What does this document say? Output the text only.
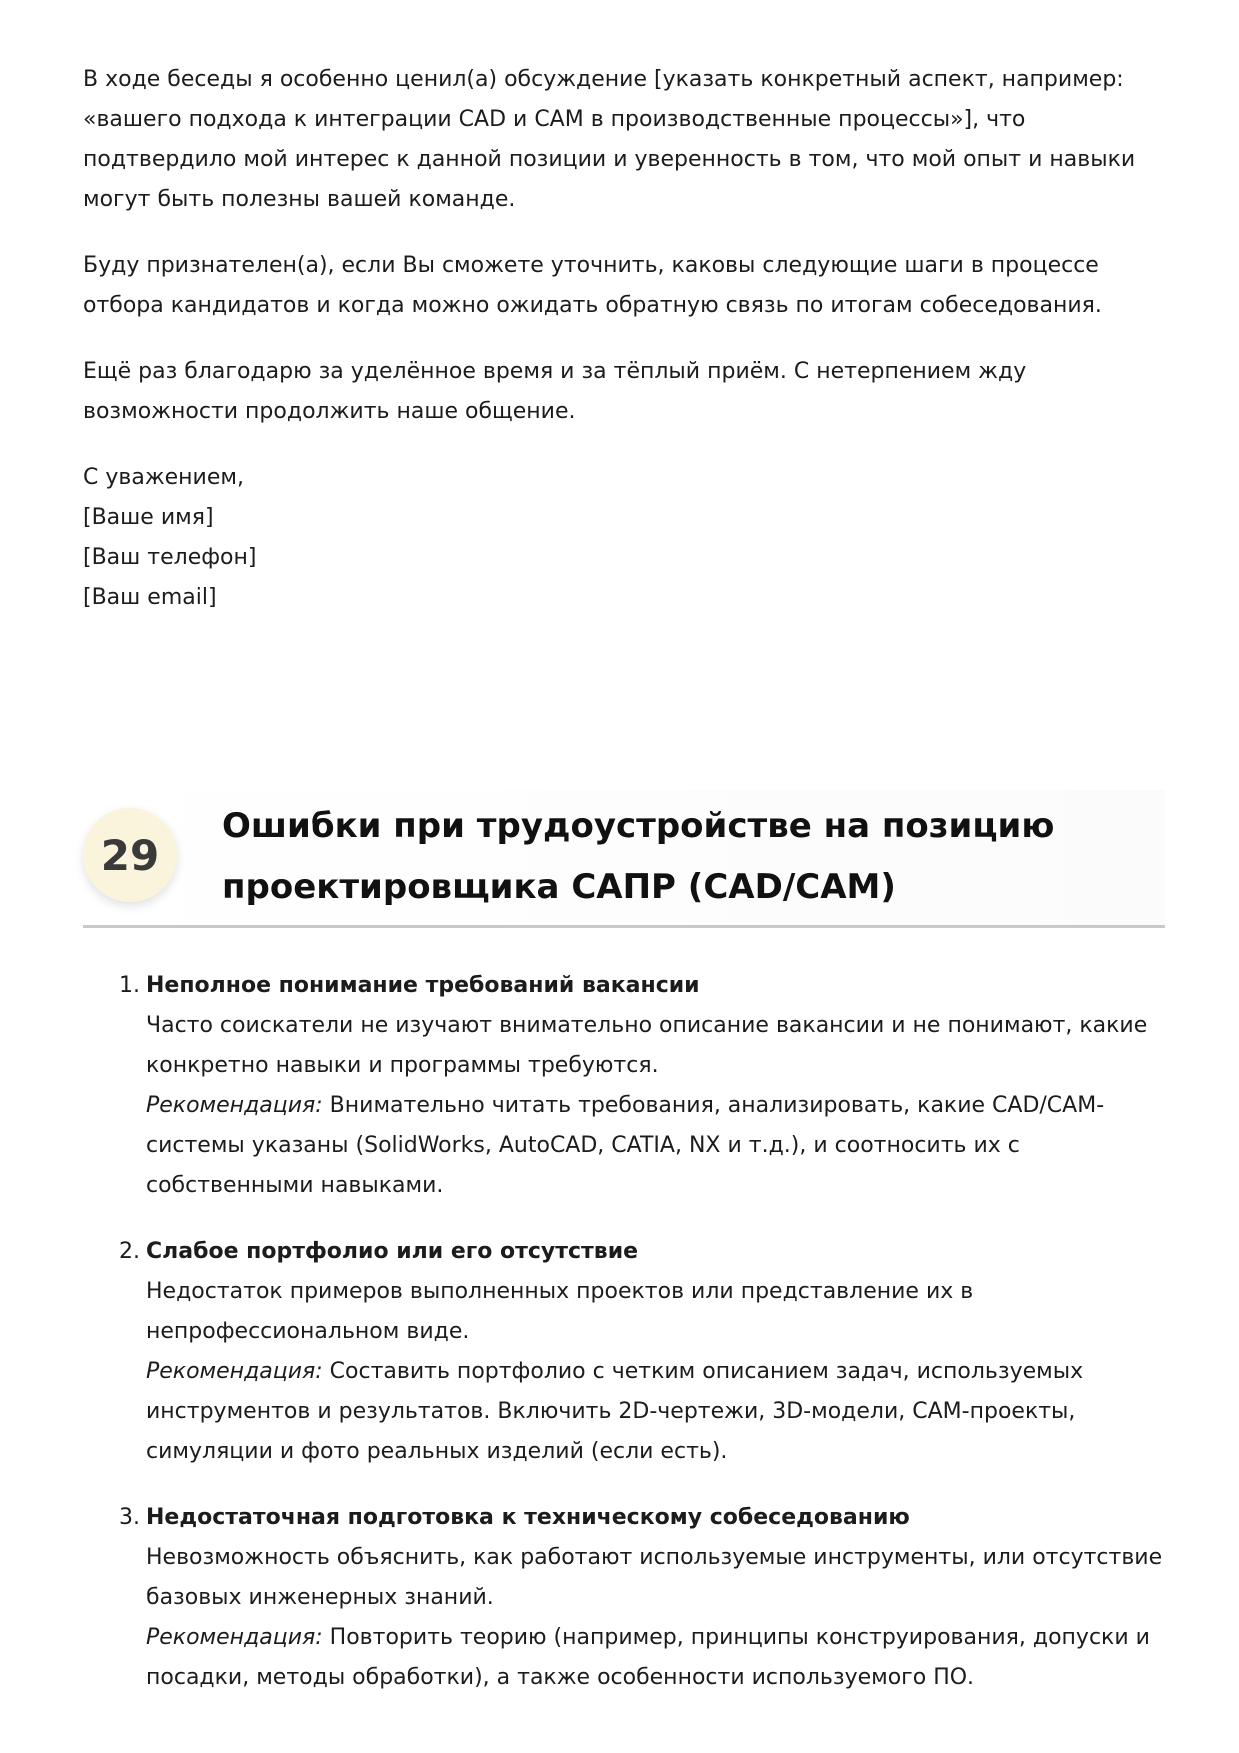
В ходе беседы я особенно ценил(а) обсуждение [указать конкретный аспект, например: «вашего подхода к интеграции CAD и CAM в производственные процессы»], что подтвердило мой интерес к данной позиции и уверенность в том, что мой опыт и навыки могут быть полезны вашей команде.

Буду признателен(а), если Вы сможете уточнить, каковы следующие шаги в процессе отбора кандидатов и когда можно ожидать обратную связь по итогам собеседования.

Ещё раз благодарю за уделённое время и за тёплый приём. С нетерпением жду возможности продолжить наше общение.

С уважением,
[Ваше имя]
[Ваш телефон]
[Ваш email]
29
Ошибки при трудоустройстве на позицию проектировщика САПР (CAD/CAM)
1. Неполное понимание требований вакансии
Часто соискатели не изучают внимательно описание вакансии и не понимают, какие конкретно навыки и программы требуются.
Рекомендация: Внимательно читать требования, анализировать, какие CAD/CAM-системы указаны (SolidWorks, AutoCAD, CATIA, NX и т.д.), и соотносить их с собственными навыками.
2. Слабое портфолио или его отсутствие
Недостаток примеров выполненных проектов или представление их в непрофессиональном виде.
Рекомендация: Составить портфолио с четким описанием задач, используемых инструментов и результатов. Включить 2D-чертежи, 3D-модели, CAM-проекты, симуляции и фото реальных изделий (если есть).
3. Недостаточная подготовка к техническому собеседованию
Невозможность объяснить, как работают используемые инструменты, или отсутствие базовых инженерных знаний.
Рекомендация: Повторить теорию (например, принципы конструирования, допуски и посадки, методы обработки), а также особенности используемого ПО.
